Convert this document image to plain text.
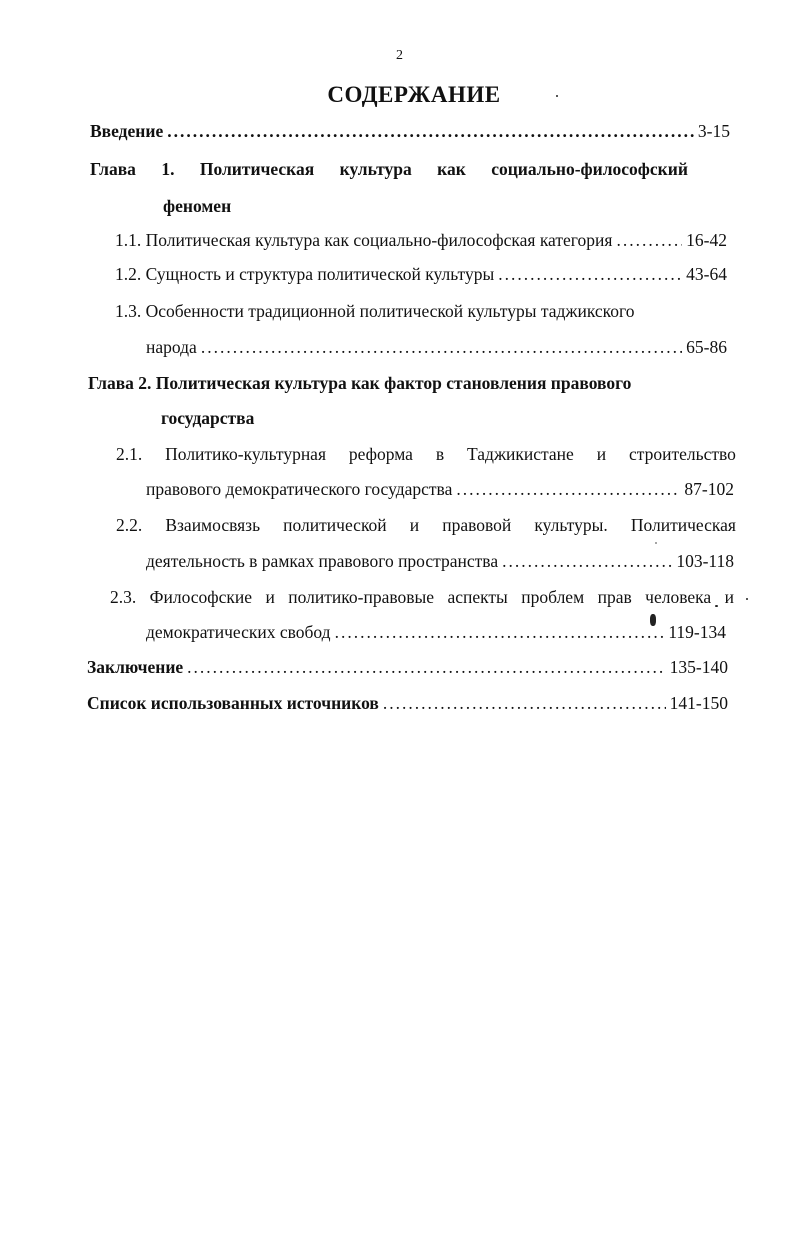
2
СОДЕРЖАНИЕ
Введение .....	3-15
Глава 1. Политическая культура как социально-философский
феномен
1.1. Политическая культура как социально-философская категория .....	16-42
1.2. Сущность и структура политической культуры .....	43-64
1.3. Особенности традиционной политической культуры таджикского
народа .....	65-86
Глава 2. Политическая культура как фактор становления правового
государства
2.1. Политико-культурная реформа в Таджикистане и строительство
правового демократического государства .....	87-102
2.2. Взаимосвязь политической и правовой культуры. Политическая
деятельность в рамках правового пространства .....	103-118
2.3. Философские и политико-правовые аспекты проблем прав человека и
демократических свобод .....	119-134
Заключение .....	135-140
Список использованных источников .....	141-150
